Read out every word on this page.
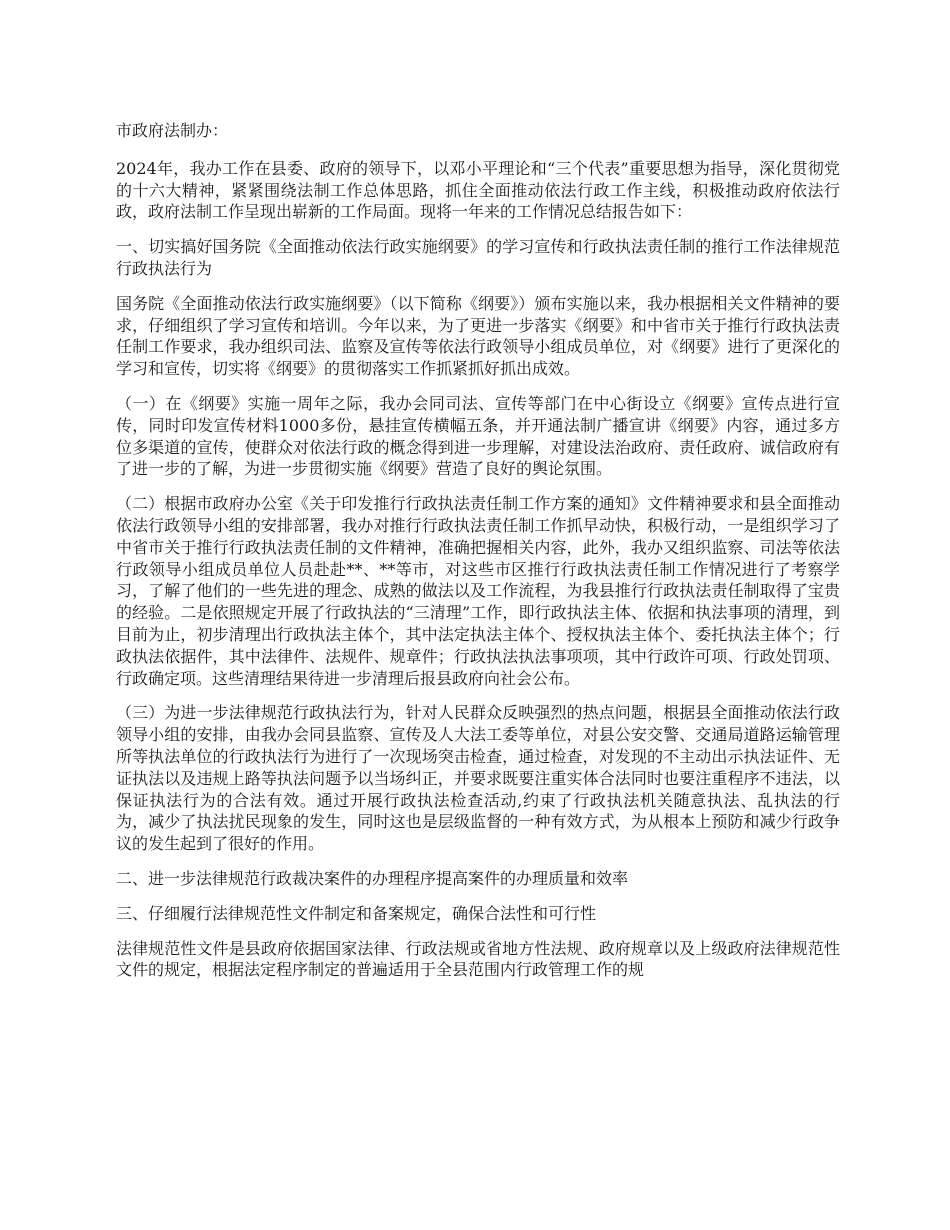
市政府法制办：

2024年，我办工作在县委、政府的领导下，以邓小平理论和“三个代表”重要思想为指导，深化贯彻党的十六大精神，紧紧围绕法制工作总体思路，抓住全面推动依法行政工作主线，积极推动政府依法行政，政府法制工作呈现出崭新的工作局面。现将一年来的工作情况总结报告如下：

一、切实搞好国务院《全面推动依法行政实施纲要》的学习宣传和行政执法责任制的推行工作法律规范行政执法行为

国务院《全面推动依法行政实施纲要》（以下简称《纲要》）颁布实施以来，我办根据相关文件精神的要求，仔细组织了学习宣传和培训。今年以来，为了更进一步落实《纲要》和中省市关于推行行政执法责任制工作要求，我办组织司法、监察及宣传等依法行政领导小组成员单位，对《纲要》进行了更深化的学习和宣传，切实将《纲要》的贯彻落实工作抓紧抓好抓出成效。

（一）在《纲要》实施一周年之际，我办会同司法、宣传等部门在中心街设立《纲要》宣传点进行宣传，同时印发宣传材料1000多份，悬挂宣传横幅五条，并开通法制广播宣讲《纲要》内容，通过多方位多渠道的宣传，使群众对依法行政的概念得到进一步理解，对建设法治政府、责任政府、诚信政府有了进一步的了解，为进一步贯彻实施《纲要》营造了良好的舆论氛围。

（二）根据市政府办公室《关于印发推行行政执法责任制工作方案的通知》文件精神要求和县全面推动依法行政领导小组的安排部署，我办对推行行政执法责任制工作抓早动快，积极行动，一是组织学习了中省市关于推行行政执法责任制的文件精神，准确把握相关内容，此外，我办又组织监察、司法等依法行政领导小组成员单位人员赴赴**、**等市，对这些市区推行行政执法责任制工作情况进行了考察学习，了解了他们的一些先进的理念、成熟的做法以及工作流程，为我县推行行政执法责任制取得了宝贵的经验。二是依照规定开展了行政执法的“三清理”工作，即行政执法主体、依据和执法事项的清理，到目前为止，初步清理出行政执法主体个，其中法定执法主体个、授权执法主体个、委托执法主体个；行政执法依据件，其中法律件、法规件、规章件；行政执法执法事项项，其中行政许可项、行政处罚项、行政确定项。这些清理结果待进一步清理后报县政府向社会公布。

（三）为进一步法律规范行政执法行为，针对人民群众反映强烈的热点问题，根据县全面推动依法行政领导小组的安排，由我办会同县监察、宣传及人大法工委等单位，对县公安交警、交通局道路运输管理所等执法单位的行政执法行为进行了一次现场突击检查，通过检查，对发现的不主动出示执法证件、无证执法以及违规上路等执法问题予以当场纠正，并要求既要注重实体合法同时也要注重程序不违法，以保证执法行为的合法有效。通过开展行政执法检查活动,约束了行政执法机关随意执法、乱执法的行为，减少了执法扰民现象的发生，同时这也是层级监督的一种有效方式，为从根本上预防和减少行政争议的发生起到了很好的作用。

二、进一步法律规范行政裁决案件的办理程序提高案件的办理质量和效率

三、仔细履行法律规范性文件制定和备案规定，确保合法性和可行性

法律规范性文件是县政府依据国家法律、行政法规或省地方性法规、政府规章以及上级政府法律规范性文件的规定，根据法定程序制定的普遍适用于全县范围内行政管理工作的规
